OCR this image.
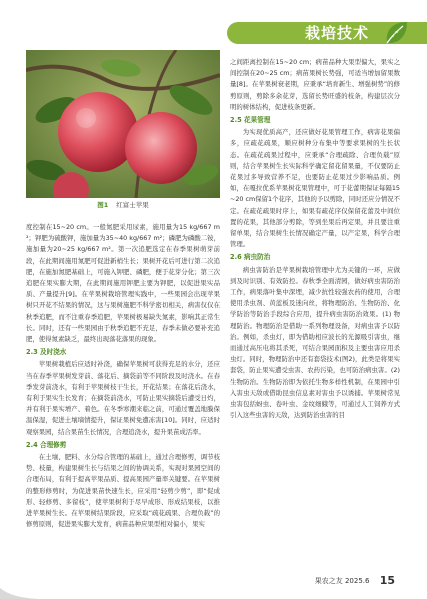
栽培技术
图1 红富士苹果

度控制在15~20 cm。一般氮肥采用尿素，施用量为15 kg/667 m²；钾肥为硫酸钾，施加量为35~40 kg/667 m²；磷肥为磷酸二铵，施加量为20~25 kg/667 m²。第一次追肥选定在春季果树萌芽前段，在此期间施用氮肥可促进新梢生长；果树开花后可进行第二次追肥，在施加氮肥基础上，可施入钾肥、磷肥，便于花芽分化；第三次追肥在果实膨大期，在此期间施用钾肥主要为钾肥，以促进果实品质、产量提升[9]。在苹果树栽培管理实践中，一些果园会出现苹果树只开花不结果的情况，这与果树施肥不科学密切相关，病害仅仅在秋季追肥，而不注重春季追肥，苹果树极易缺失氮素，影响其正常生长。同时，还有一些果园由于秋季追肥不充足，春季未做必要补充追肥，使得氮素缺乏，最终出现落花落果的现象。

2.3 及时浇水

苹果树栽植后应适时补浇，确保苹果树可获得充足的水分，还应当在春季苹果树发芽前、落花后、摘袋前等不同阶段及时浇水。在春季发芽前浇水，有利于苹果树枝干生长，开花结果；在落花后浇水，有利于果实生长发育；在摘袋前浇水，可防止果实摘袋后遭受日灼，并有利于果实增产、着色。在冬季寒潮来临之前，可通过覆盖地膜保温保湿，促进土壤墒情提升，保证果树免遭冻害[10]。同时，应适时观察果园，结合果苗生长情况，合理追浇水，提升果苗成活率。

2.4 合理修剪

在土壤、肥料、水分综合管理的基础上，通过合理修剪，调节枝势、枝量，构建果树生长与结果之间的协调关系，实现对果园空间的合理布局，有利于提高苹果品质、提高果园产量率关键要。在苹果树的整形修剪时，为促进果苗快速生长，应采用“轻剪少剪”，即“促成形、轻修剪、多留枝”，使苹果树利于尽早成形、形成结果枝，以推进苹果树生长。在苹果树结果阶段，应采取“疏花疏果、合理负载”的修剪原则，促进果实膨大发育，病苗品种应果型相对偏小，果实

之间距离控制在15~20 cm；病苗品种大果型偏大，果实之间控制在20~25 cm；病苗果树长势强，可适当增加留果数量[8]。在苹果树衰老期，应秉承“培育新生、增强树势”的修剪原则，剪除多余花芽，选留长势旺盛的枝条，构建层次分明的树体结构，促进枝条更新。

2.5 花果管理

为实现优质高产，还应做好花果管理工作，病害花果偏多，应疏花疏果，顺应树种分布集中等要求果树的生长状态。在疏花疏果过程中，应秉承“合理疏除、合理负载”原则，结合苹果树生长实际科学确定留花留果量，不仅要防止花果过多导致营养不足，也要防止花果过少影响品质。例如，在嘎拉优系苹果树花果管理中，可于花蕾期保证每隔15~20 cm保留1个花序，其他的予以剪除，同时还应分情况不定。在疏花疏果时序上，如果有疏花序仅保留花蕾及中间位置的花果，其他部分剪除，等到坐果后再定果，并且要注重留单果，结合果树生长情况确定产量，以产定果，科学合理管理。

2.6 病虫防治

病虫害防治是苹果树栽培管理中尤为关键的一环，应做到及时识别、有效防控。春秋季全面清园，做好病虫害防治工作，病果落叶集中深埋，减少抗性较强农药的使用，合理使用杀虫剂、黄蓝板及迷向丝，将物理防治、生物防治、化学防治等防治手段综合应用，提升病虫害防治效果。(1) 物理防治。物理防治是借助一系列物理设备，对病虫害予以防治。例如，杀虫灯，即为借助相应波长的光源吸引害虫，继而通过高压电将其杀死，可结合果园面积及主要虫害应用杀虫灯。同时，物理防治中还有套袋技术(图2)，此类是将果实套袋，防止果实遭受虫害、农药污染，也可防治病虫害。(2) 生物防治。生物防治即为依托生物多样性机制，在果园中引入害虫天敌或借助昆虫信息素对害虫予以诱捕。苹果树常见虫害包括蚜虫、卷叶虫、金纹细蛾等，可通过人工饲养方式引入这些虫害的天敌，达到防治虫害的目

果农之友 2025.6 15
